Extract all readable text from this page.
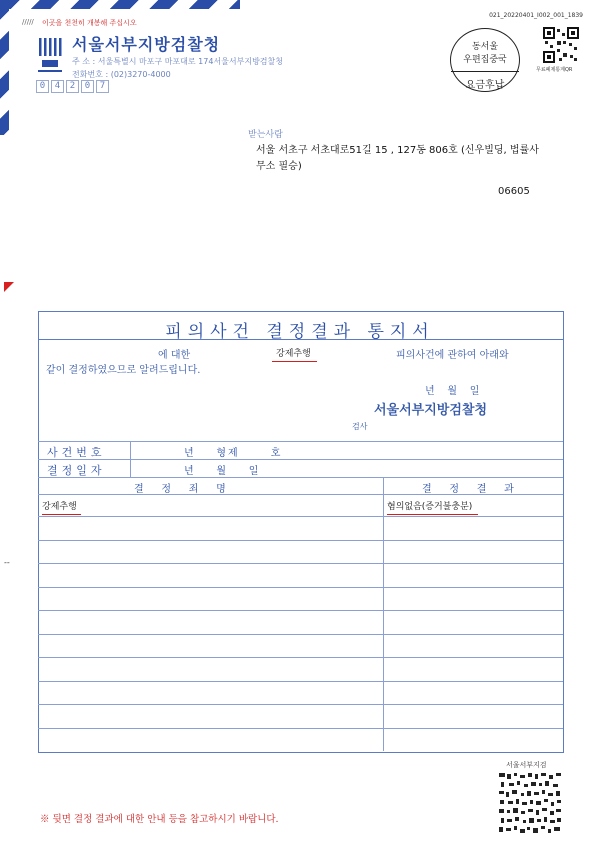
///// 이곳을 천천히 개봉해 주십시오
서울서부지방검찰청
주 소 : 서울특별시 마포구 마포대로 174서울서부지방검찰청
전화번호 : (02)3270-4000
0	4	2	0	7
021_20220401_I002_001_1839
동서울
우편집중국
요금후납
무료폐제통계QR
받는사람
서울 서초구 서초대로51길 15 , 127동 806호 (신우빌딩, 법률사무소 필승)
06605
--
피의사건 결정결과 통지서
에 대한	강제추행	피의사건에 관하여 아래와
같이 결정하였으므로 알려드립니다.
년    월    일
서울서부지방검찰청
검사
사건번호	년    형제      호
결정일자	년    월    일
결    정    죄    명	결    정    결    과
강제추행	혐의없음(증거불충분)
서울서부지검
※ 뒷면 결정 결과에 대한 안내 등을 참고하시기 바랍니다.
